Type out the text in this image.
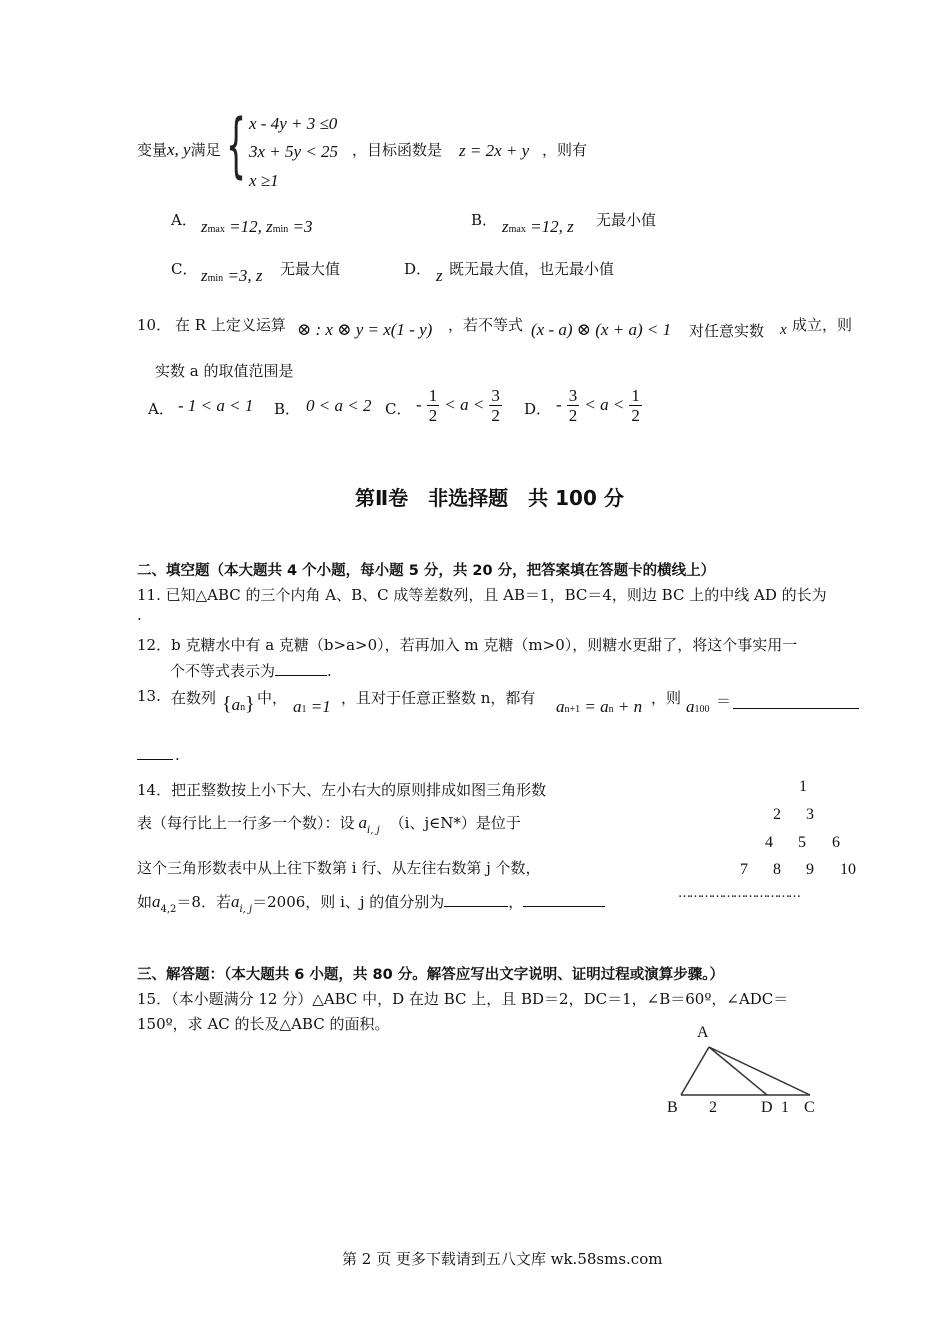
变量x, y满足 { x - 4y + 3 ≤0
3x + 5y < 25
x ≥1
，目标函数是 z = 2x + y ，则有
A． zmax =12, zmin =3	B． zmax =12, z 无最小值
C． zmin =3, z 无最大值	D． z 既无最大值，也无最小值
10． 在 R 上定义运算 ⊗ : x ⊗ y = x(1 - y) ，若不等式 (x - a) ⊗ (x + a) < 1 对任意实数 x 成立，则
实数 a 的取值范围是
A． - 1 < a < 1 B． 0 < a < 2 C． - $\frac{1}{2} < a < \frac{3}{2}$ D． - $\frac{3}{2} < a < \frac{1}{2}$
第Ⅱ卷　非选择题　共 100 分
二、填空题（本大题共 4 个小题，每小题 5 分，共 20 分，把答案填在答题卡的横线上）
11. 已知△ABC 的三个内角 A、B、C 成等差数列，且 AB＝1，BC＝4，则边 BC 上的中线 AD 的长为
.
12．b 克糖水中有 a 克糖（b>a>0），若再加入 m 克糖（m>0），则糖水更甜了，将这个事实用一
个不等式表示为	.
13. 在数列 {an} 中， a1 =1 ，且对于任意正整数 n，都有 an+1 = an + n ，则 a100 ＝
.
14．把正整数按上小下大、左小右大的原则排成如图三角形数
表（每行比上一行多一个数）：设 $a_{i, j}$ （i、j∈N*）是位于
这个三角形数表中从上往下数第 i 行、从左往右数第 j 个数，
如$a_{4,2}=8$．若$a_{i, j}=2006$，则 i、j 的值分别为	，
1
2 3
4 5 6
7 8 9 10
……………………………
三、解答题：（本大题共 6 小题，共 80 分。解答应写出文字说明、证明过程或演算步骤。）
15．（本小题满分 12 分）△ABC 中，D 在边 BC 上，且 BD＝2，DC＝1，∠B＝60º，∠ADC＝
150º，求 AC 的长及△ABC 的面积。	A
B 2	D 1 C
第 2 页 更多下载请到五八文库 wk.58sms.com
